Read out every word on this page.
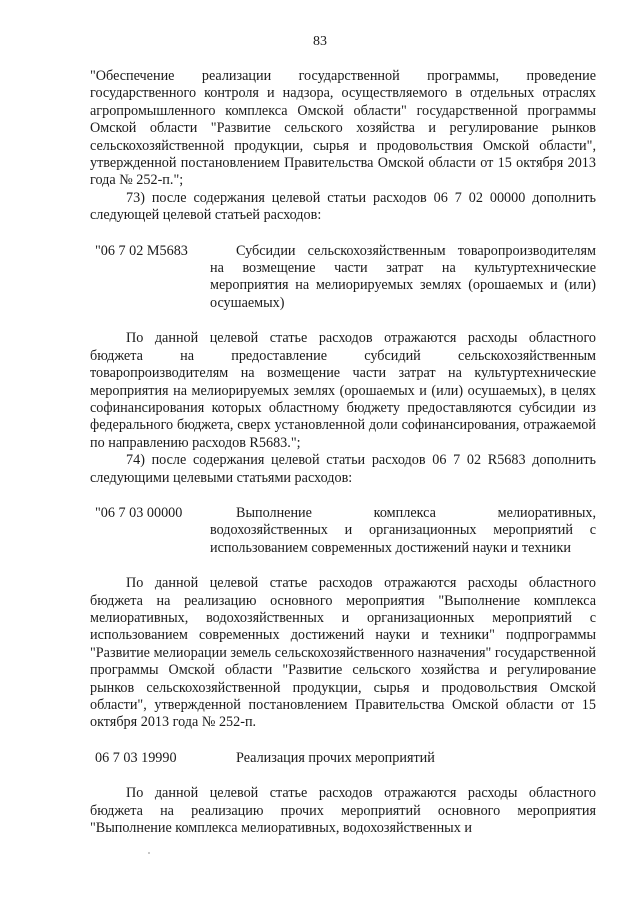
83

"Обеспечение реализации государственной программы, проведение государственного контроля и надзора, осуществляемого в отдельных отраслях агропромышленного комплекса Омской области" государственной программы Омской области "Развитие сельского хозяйства и регулирование рынков сельскохозяйственной продукции, сырья и продовольствия Омской области", утвержденной постановлением Правительства Омской области от 15 октября 2013 года № 252-п.";

73) после содержания целевой статьи расходов 06 7 02 00000 дополнить следующей целевой статьей расходов:

"06 7 02 M5683	Субсидии сельскохозяйственным товаропроизводителям на возмещение части затрат на культуртехнические мероприятия на мелиорируемых землях (орошаемых и (или) осушаемых)

По данной целевой статье расходов отражаются расходы областного бюджета на предоставление субсидий сельскохозяйственным товаропроизводителям на возмещение части затрат на культуртехнические мероприятия на мелиорируемых землях (орошаемых и (или) осушаемых), в целях софинансирования которых областному бюджету предоставляются субсидии из федерального бюджета, сверх установленной доли софинансирования, отражаемой по направлению расходов R5683.";

74) после содержания целевой статьи расходов 06 7 02 R5683 дополнить следующими целевыми статьями расходов:

"06 7 03 00000	Выполнение комплекса мелиоративных, водохозяйственных и организационных мероприятий с использованием современных достижений науки и техники

По данной целевой статье расходов отражаются расходы областного бюджета на реализацию основного мероприятия "Выполнение комплекса мелиоративных, водохозяйственных и организационных мероприятий с использованием современных достижений науки и техники" подпрограммы "Развитие мелиорации земель сельскохозяйственного назначения" государственной программы Омской области "Развитие сельского хозяйства и регулирование рынков сельскохозяйственной продукции, сырья и продовольствия Омской области", утвержденной постановлением Правительства Омской области от 15 октября 2013 года № 252-п.

06 7 03 19990	Реализация прочих мероприятий

По данной целевой статье расходов отражаются расходы областного бюджета на реализацию прочих мероприятий основного мероприятия "Выполнение комплекса мелиоративных, водохозяйственных и
